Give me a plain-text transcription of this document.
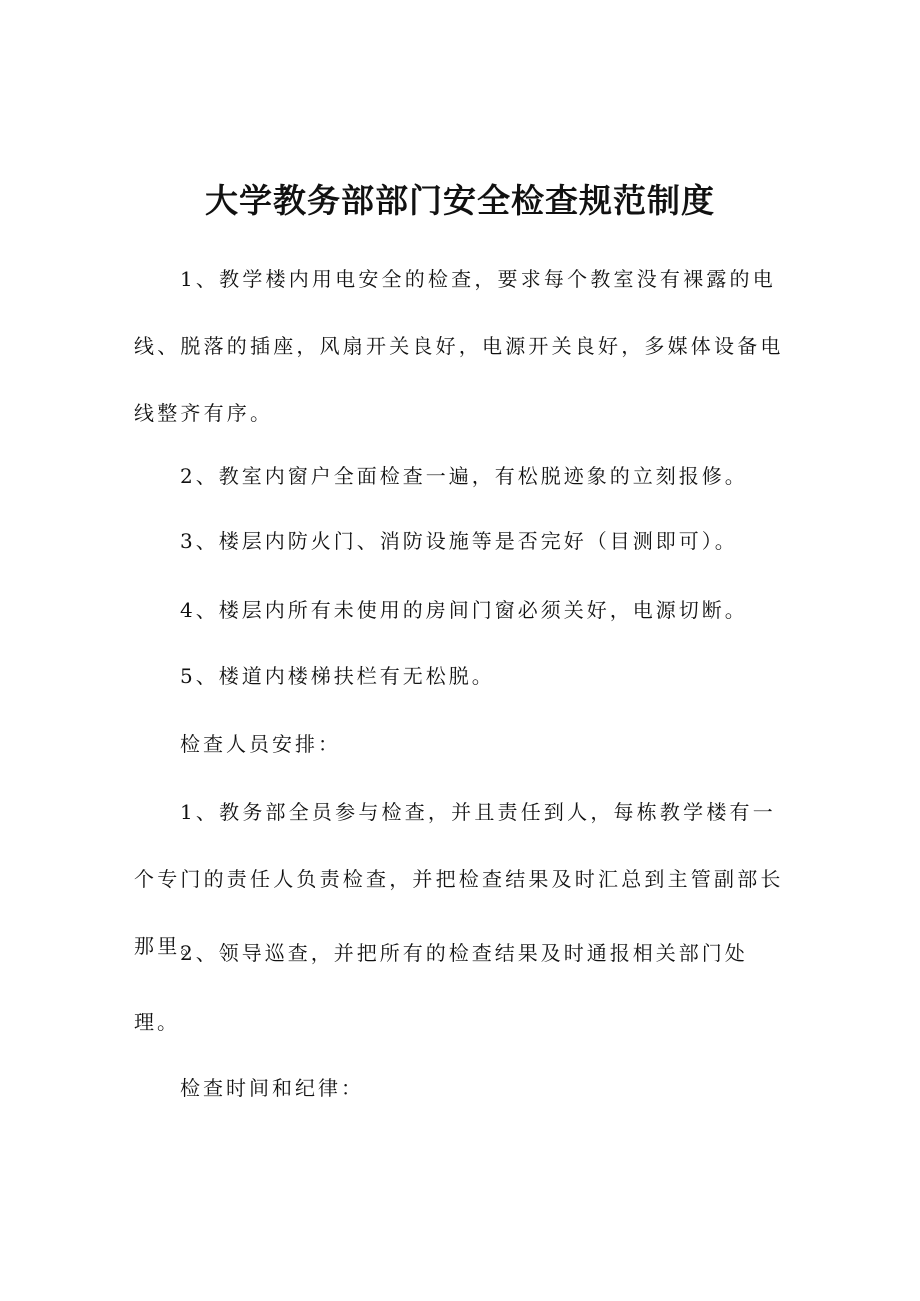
大学教务部部门安全检查规范制度

1、教学楼内用电安全的检查，要求每个教室没有裸露的电线、脱落的插座，风扇开关良好，电源开关良好，多媒体设备电线整齐有序。

2、教室内窗户全面检查一遍，有松脱迹象的立刻报修。

3、楼层内防火门、消防设施等是否完好（目测即可）。

4、楼层内所有未使用的房间门窗必须关好，电源切断。

5、楼道内楼梯扶栏有无松脱。

检查人员安排：

1、教务部全员参与检查，并且责任到人，每栋教学楼有一个专门的责任人负责检查，并把检查结果及时汇总到主管副部长那里。

2、领导巡查，并把所有的检查结果及时通报相关部门处

理。

检查时间和纪律：
